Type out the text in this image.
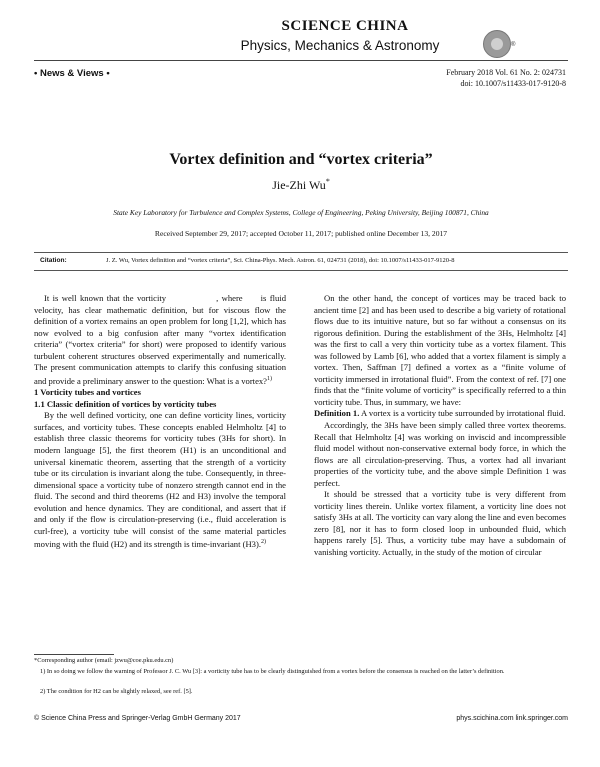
SCIENCE CHINA
Physics, Mechanics & Astronomy	®
• News & Views •	February 2018 Vol. 61 No. 2: 024731
doi: 10.1007/s11433-017-9120-8
Vortex definition and “vortex criteria”
Jie-Zhi Wu*
State Key Laboratory for Turbulence and Complex Systems, College of Engineering, Peking University, Beijing 100871, China
Received September 29, 2017; accepted October 11, 2017; published online December 13, 2017
Citation:	J. Z. Wu, Vortex definition and “vortex criteria”, Sci. China-Phys. Mech. Astron. 61, 024731 (2018), doi: 10.1007/s11433-017-9120-8

It is well known that the vorticity	, where is fluid velocity, has clear mathematic definition, but for viscous flow the definition of a vortex remains an open problem for long [1,2], which has now evolved to a big confusion after many “vortex identification criteria” (“vortex criteria” for short) were proposed to identify various turbulent coherent structures observed experimentally and numerically. The present communication attempts to clarify this confusing situation and provide a preliminary answer to the question: What is a vortex?$^{1)}$

1 Vorticity tubes and vortices

1.1 Classic definition of vortices by vorticity tubes

By the well defined vorticity, one can define vorticity lines, vorticity surfaces, and vorticity tubes. These concepts enabled Helmholtz [4] to establish three classic theorems for vorticity tubes (3Hs for short). In modern language [5], the first theorem (H1) is an unconditional and universal kinematic theorem, asserting that the strength of a vorticity tube or its circulation is invariant along the tube. Consequently, in three-dimensional space a vorticity tube of nonzero strength cannot end in the fluid. The second and third theorems (H2 and H3) involve the temporal evolution and hence dynamics. They are conditional, and assert that if and only if the flow is circulation-preserving (i.e., fluid acceleration is curl-free), a vorticity tube will consist of the same material particles moving with the fluid (H2) and its strength is time-invariant (H3).$^{2)}$

On the other hand, the concept of vortices may be traced back to ancient time [2] and has been used to describe a big variety of rotational flows due to its intuitive nature, but so far without a consensus on its rigorous definition. During the establishment of the 3Hs, Helmholtz [4] was the first to call a very thin vorticity tube as a vortex filament. This was followed by Lamb [6], who added that a vortex filament is simply a vortex. Then, Saffman [7] defined a vortex as a “finite volume of vorticity immersed in irrotational fluid”. From the context of ref. [7] one finds that the “finite volume of vorticity” is specifically referred to a thin vorticity tube. Thus, in summary, we have:

Definition 1. A vortex is a vorticity tube surrounded by irrotational fluid.

Accordingly, the 3Hs have been simply called three vortex theorems. Recall that Helmholtz [4] was working on inviscid and incompressible fluid model without non-conservative external body force, in which the flows are all circulation-preserving. Thus, a vortex had all invariant properties of the vorticity tube, and the above simple Definition 1 was perfect.

It should be stressed that a vorticity tube is very different from vorticity lines therein. Unlike vortex filament, a vorticity line does not satisfy 3Hs at all. The vorticity can vary along the line and even becomes zero [8], nor it has to form closed loop in unbounded fluid, which happens rarely [5]. Thus, a vorticity tube may have a subdomain of vanishing vorticity. Actually, in the study of the motion of circular

*Corresponding author (email: jzwu@coe.pku.edu.cn)
1) In so doing we follow the warning of Professor J. C. Wu [3]: a vorticity tube has to be clearly distinguished from a vortex before the consensus is reached on the latter’s definition.
2) The condition for H2 can be slightly relaxed, see ref. [5].
© Science China Press and Springer-Verlag GmbH Germany 2017	phys.scichina.com link.springer.com
